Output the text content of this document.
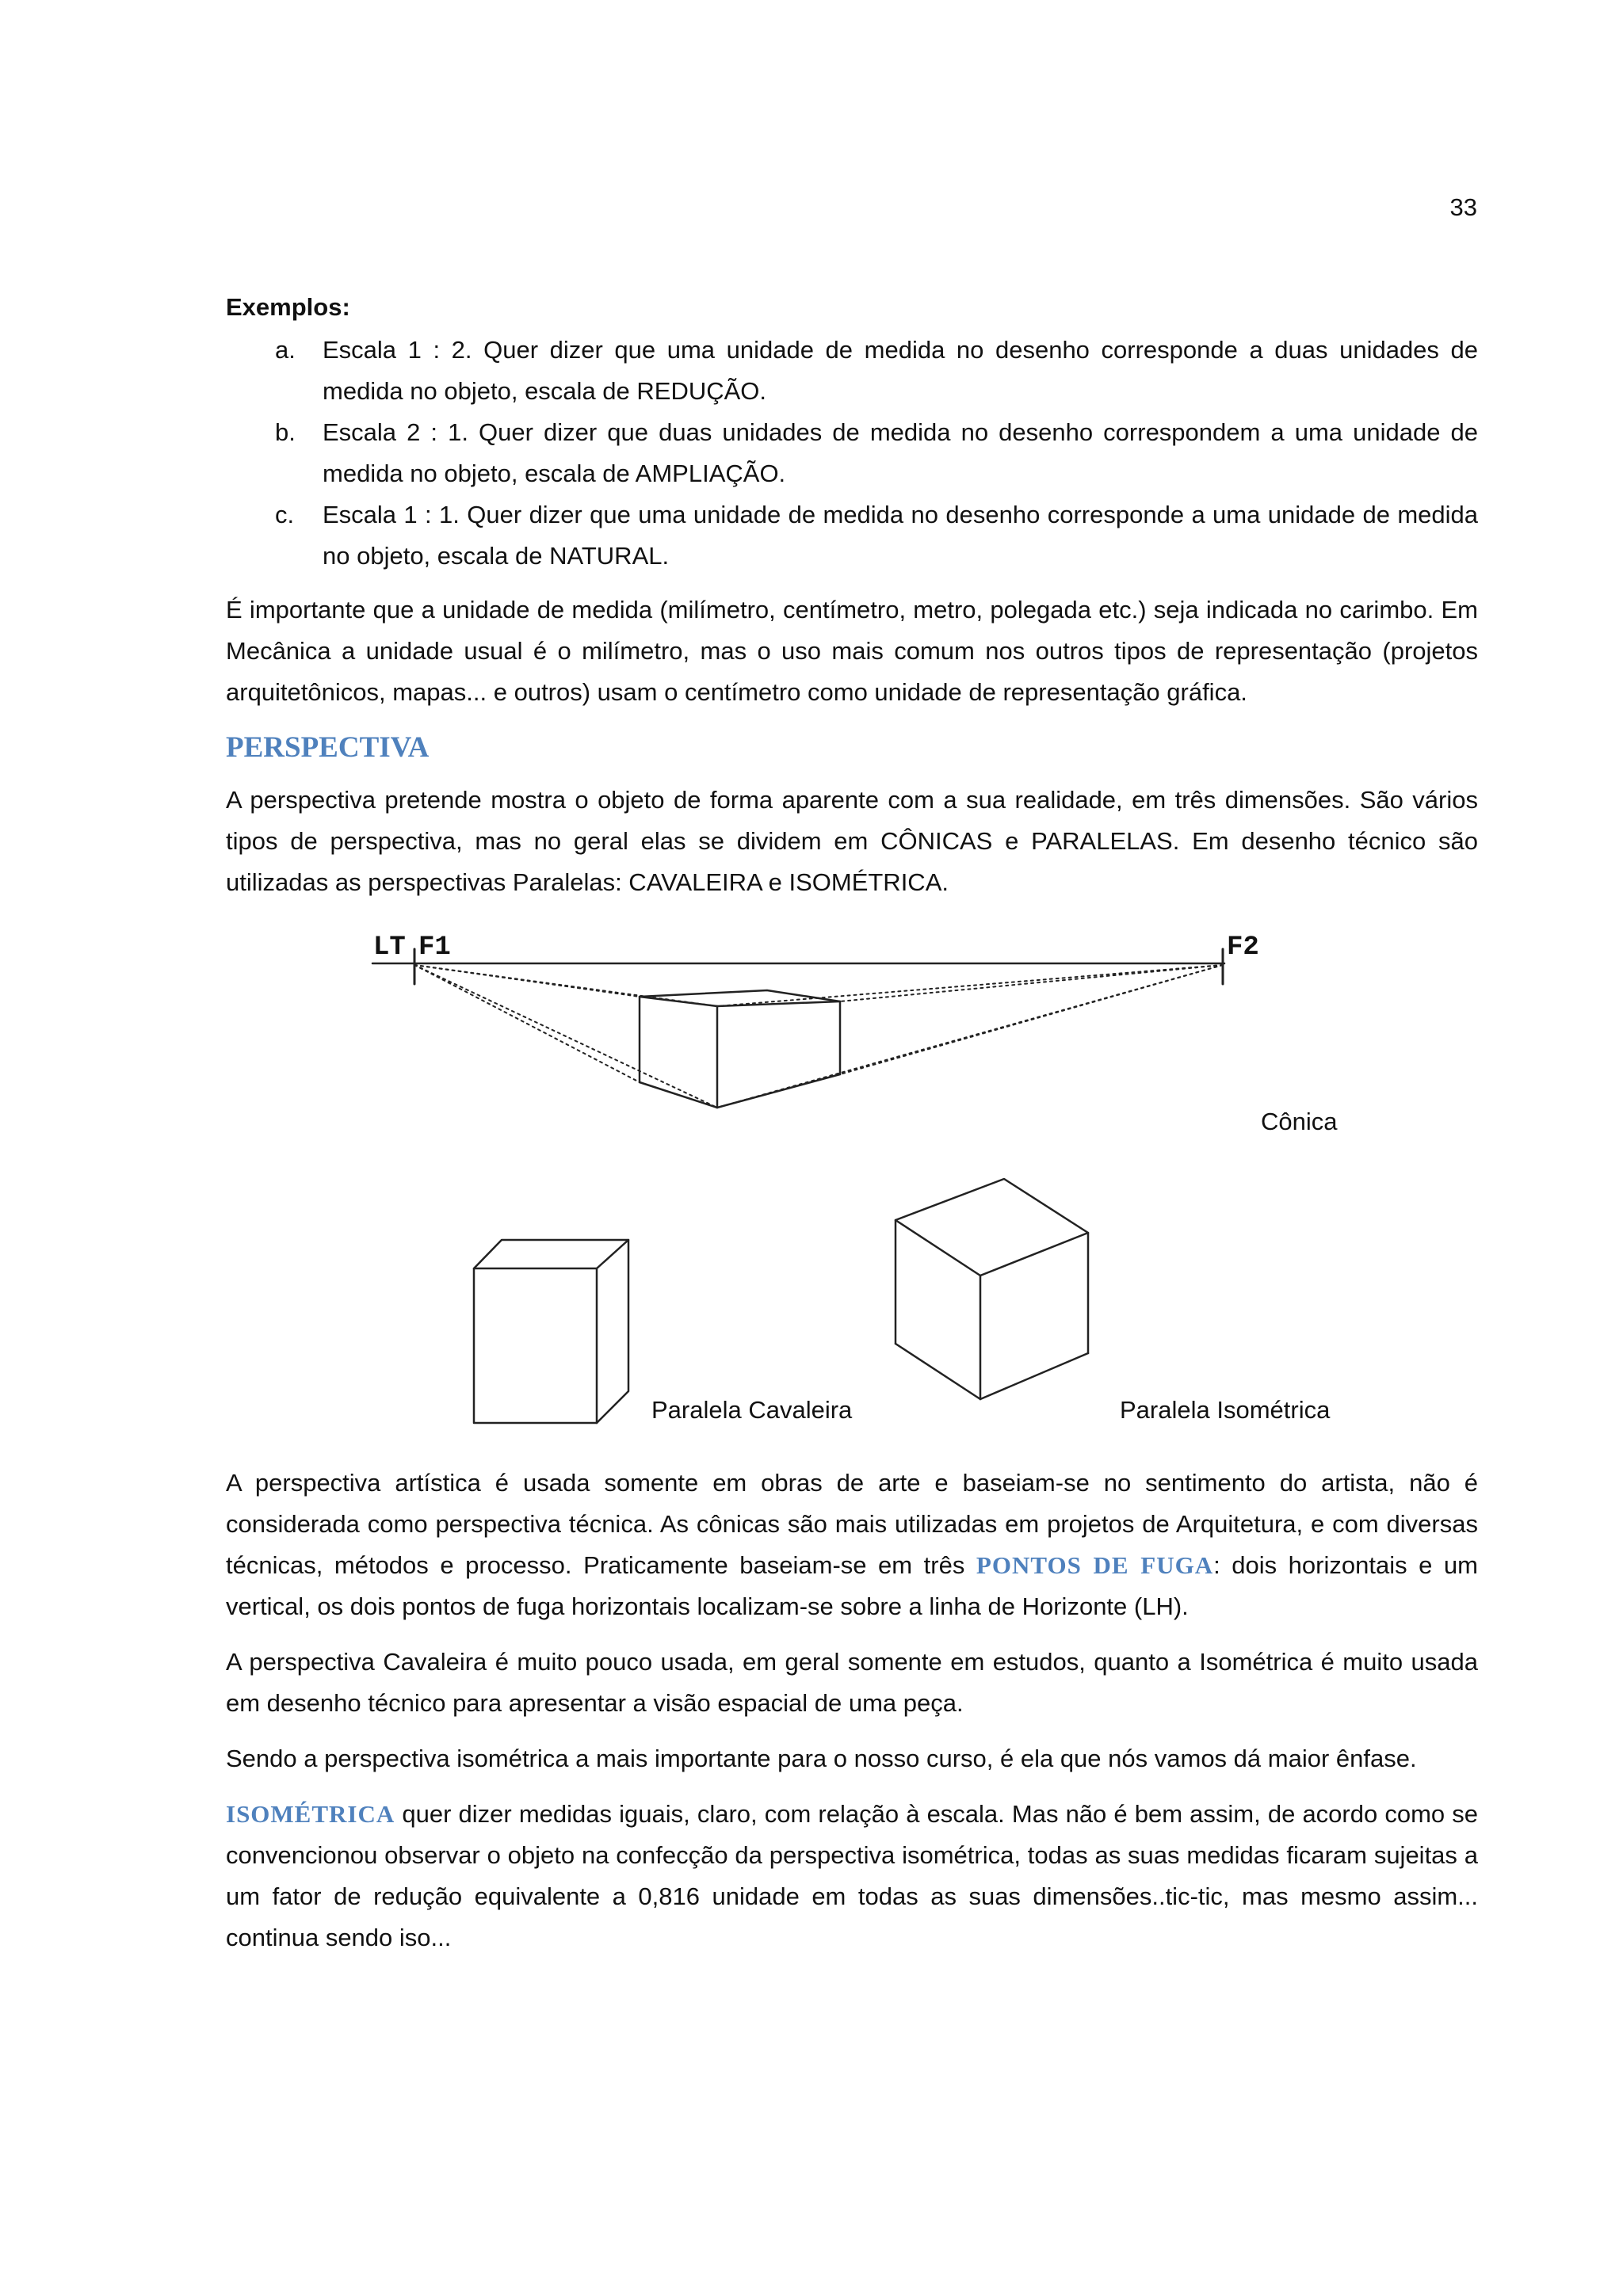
33
Exemplos:
a. Escala 1 : 2. Quer dizer que uma unidade de medida no desenho corresponde a duas unidades de medida no objeto, escala de REDUÇÃO.
b. Escala 2 : 1. Quer dizer que duas unidades de medida no desenho correspondem a uma unidade de medida no objeto, escala de AMPLIAÇÃO.
c. Escala 1 : 1. Quer dizer que uma unidade de medida no desenho corresponde a uma unidade de medida no objeto, escala de NATURAL.

É importante que a unidade de medida (milímetro, centímetro, metro, polegada etc.) seja indicada no carimbo. Em Mecânica a unidade usual é o milímetro, mas o uso mais comum nos outros tipos de representação (projetos arquitetônicos, mapas... e outros) usam o centímetro como unidade de representação gráfica.

PERSPECTIVA

A perspectiva pretende mostra o objeto de forma aparente com a sua realidade, em três dimensões. São vários tipos de perspectiva, mas no geral elas se dividem em CÔNICAS e PARALELAS. Em desenho técnico são utilizadas as perspectivas Paralelas: CAVALEIRA e ISOMÉTRICA.

LT F1	F2
Cônica
Paralela Cavaleira	Paralela Isométrica

A perspectiva artística é usada somente em obras de arte e baseiam-se no sentimento do artista, não é considerada como perspectiva técnica. As cônicas são mais utilizadas em projetos de Arquitetura, e com diversas técnicas, métodos e processo. Praticamente baseiam-se em três PONTOS DE FUGA: dois horizontais e um vertical, os dois pontos de fuga horizontais localizam-se sobre a linha de Horizonte (LH).

A perspectiva Cavaleira é muito pouco usada, em geral somente em estudos, quanto a Isométrica é muito usada em desenho técnico para apresentar a visão espacial de uma peça.

Sendo a perspectiva isométrica a mais importante para o nosso curso, é ela que nós vamos dá maior ênfase.

ISOMÉTRICA quer dizer medidas iguais, claro, com relação à escala. Mas não é bem assim, de acordo como se convencionou observar o objeto na confecção da perspectiva isométrica, todas as suas medidas ficaram sujeitas a um fator de redução equivalente a 0,816 unidade em todas as suas dimensões..tic-tic, mas mesmo assim... continua sendo iso...
